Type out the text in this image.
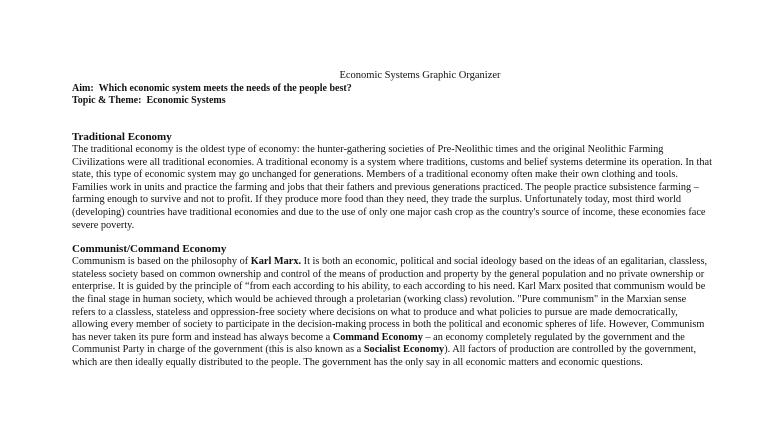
Economic Systems Graphic Organizer

Aim: Which economic system meets the needs of the people best?

Topic & Theme: Economic Systems

Traditional Economy

The traditional economy is the oldest type of economy: the hunter-gathering societies of Pre-Neolithic times and the original Neolithic Farming Civilizations were all traditional economies. A traditional economy is a system where traditions, customs and belief systems determine its operation. In that state, this type of economic system may go unchanged for generations. Members of a traditional economy often make their own clothing and tools. Families work in units and practice the farming and jobs that their fathers and previous generations practiced. The people practice subsistence farming – farming enough to survive and not to profit. If they produce more food than they need, they trade the surplus. Unfortunately today, most third world (developing) countries have traditional economies and due to the use of only one major cash crop as the country's source of income, these economies face severe poverty.

Communist/Command Economy

Communism is based on the philosophy of Karl Marx. It is both an economic, political and social ideology based on the ideas of an egalitarian, classless, stateless society based on common ownership and control of the means of production and property by the general population and no private ownership or enterprise. It is guided by the principle of “from each according to his ability, to each according to his need. Karl Marx posited that communism would be the final stage in human society, which would be achieved through a proletarian (working class) revolution. "Pure communism" in the Marxian sense refers to a classless, stateless and oppression-free society where decisions on what to produce and what policies to pursue are made democratically, allowing every member of society to participate in the decision-making process in both the political and economic spheres of life. However, Communism has never taken its pure form and instead has always become a Command Economy – an economy completely regulated by the government and the Communist Party in charge of the government (this is also known as a Socialist Economy). All factors of production are controlled by the government, which are then ideally equally distributed to the people. The government has the only say in all economic matters and economic questions.
